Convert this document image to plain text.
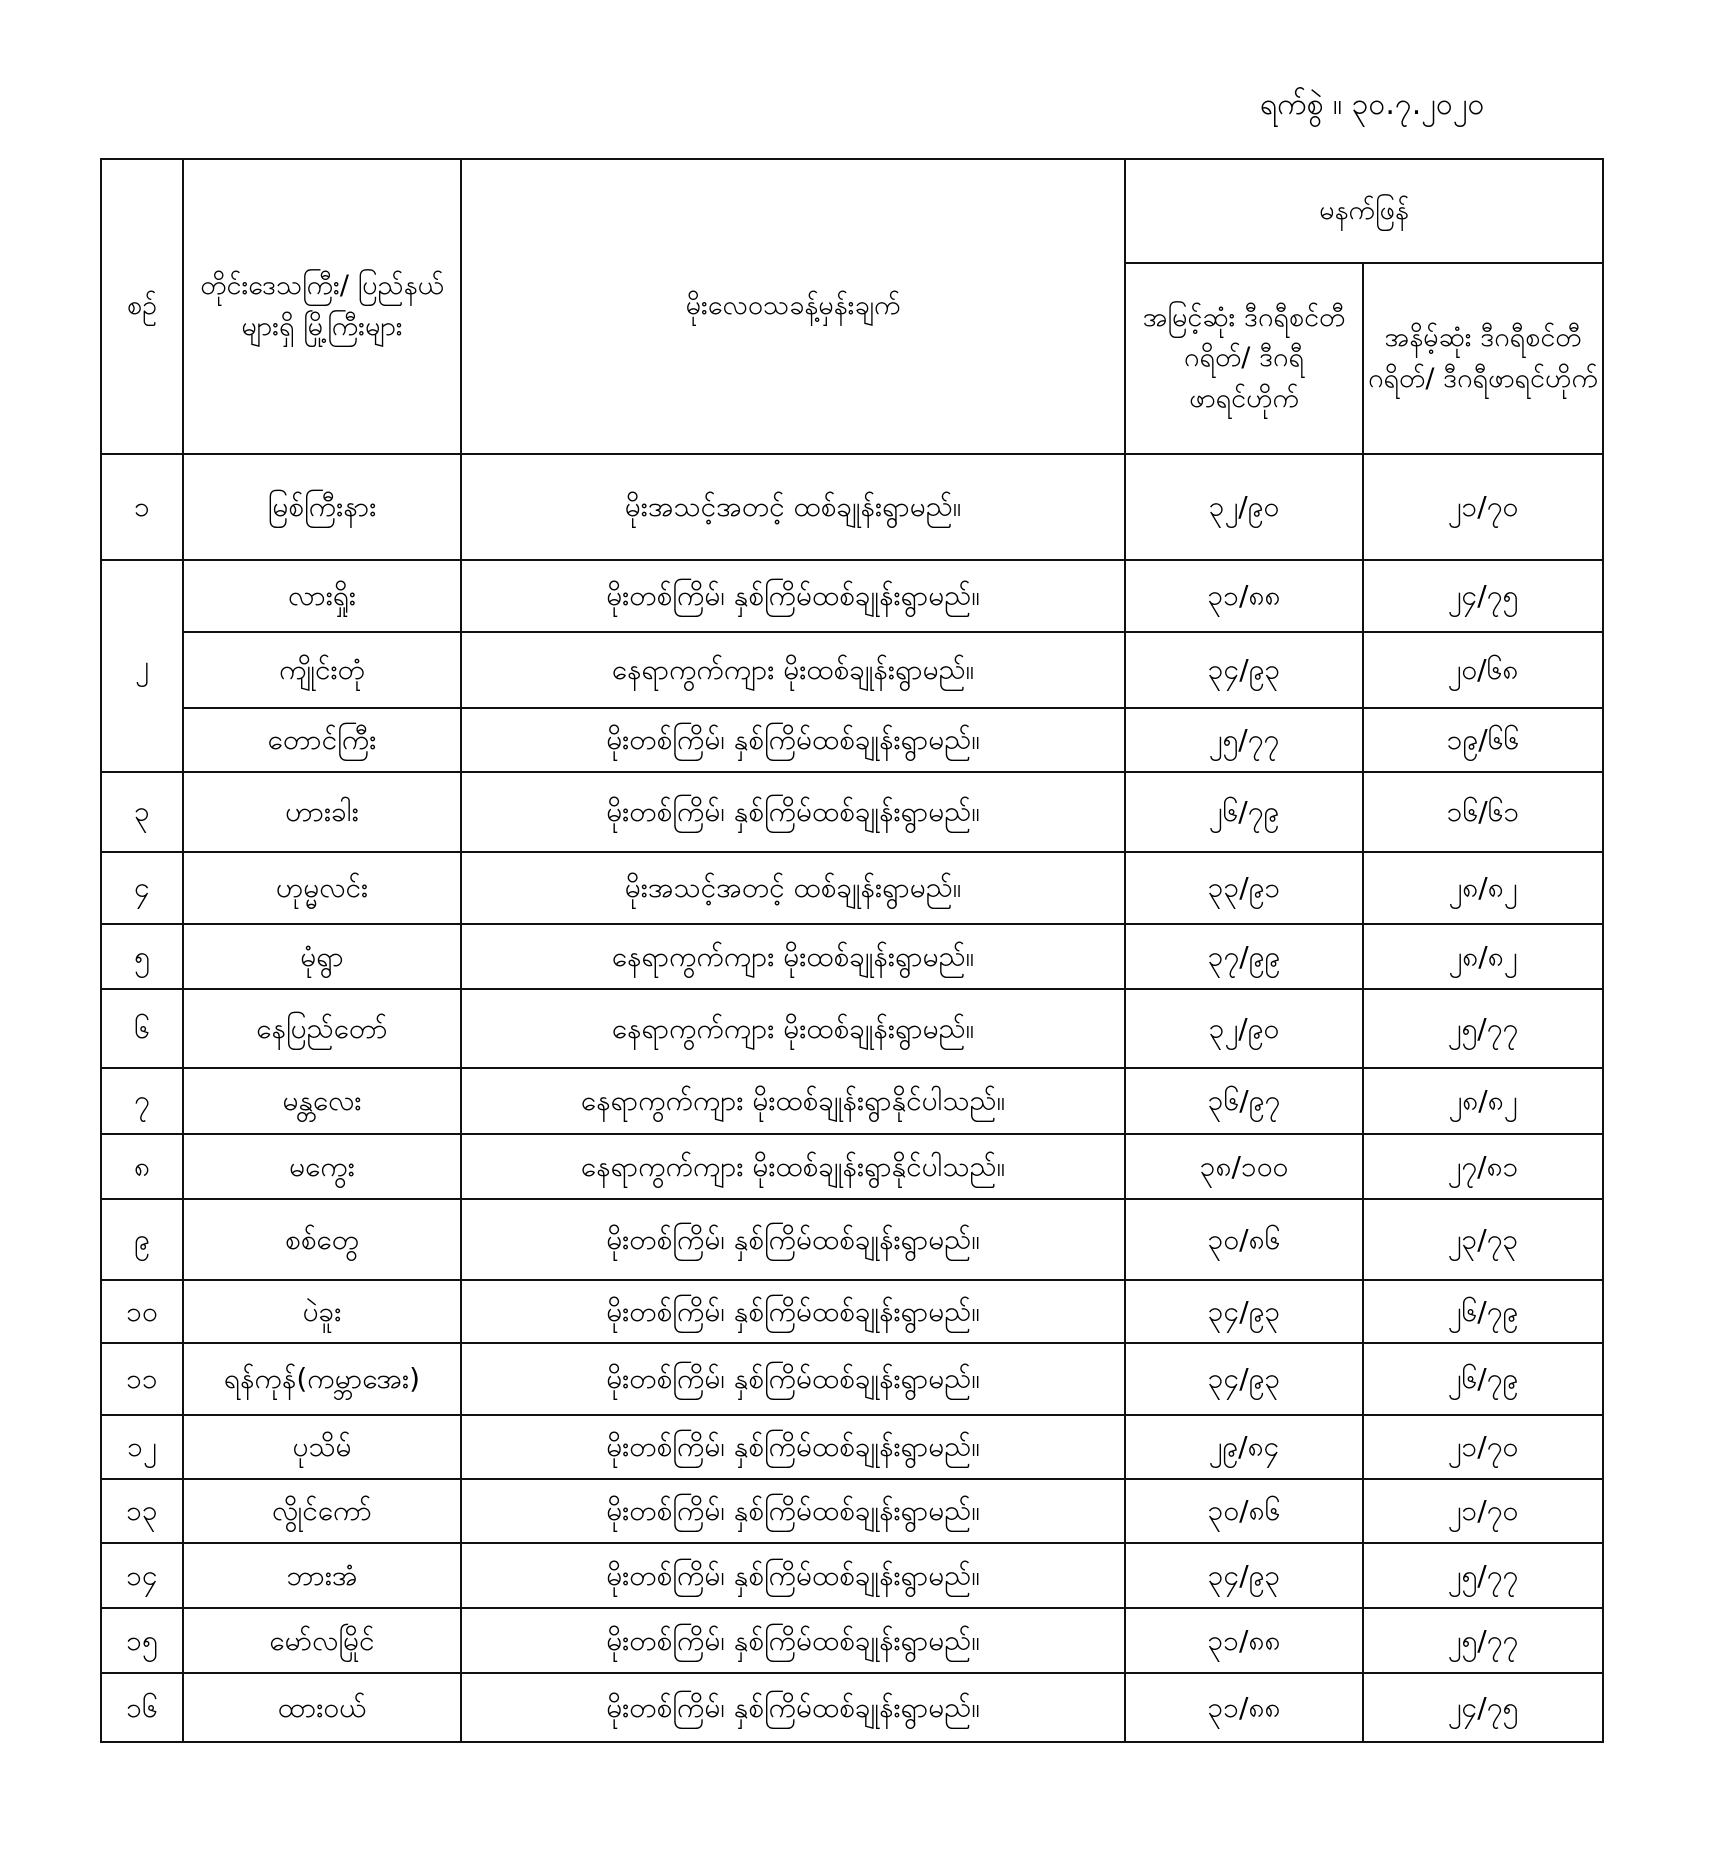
ရက်စွဲ ။ ၃၀.၇.၂၀၂၀
စဉ်	တိုင်းဒေသကြီး/ ပြည်နယ်များရှိ မြို့ကြီးများ	မိုးလေဝသခန့်မှန်းချက်	မနက်ဖြန်	
			အမြင့်ဆုံး ဒီဂရီစင်တီဂရိတ်/ ဒီဂရီဖာရင်ဟိုက်	အနိမ့်ဆုံး ဒီဂရီစင်တီဂရိတ်/ ဒီဂရီဖာရင်ဟိုက်
၁	မြစ်ကြီးနား	မိုးအသင့်အတင့် ထစ်ချုန်းရွာမည်။	၃၂/၉၀	၂၁/၇၀
၂	လားရှိုး	မိုးတစ်ကြိမ်၊ နှစ်ကြိမ်ထစ်ချုန်းရွာမည်။	၃၁/၈၈	၂၄/၇၅
	ကျိုင်းတုံ	နေရာကွက်ကျား မိုးထစ်ချုန်းရွာမည်။	၃၄/၉၃	၂၀/၆၈
	တောင်ကြီး	မိုးတစ်ကြိမ်၊ နှစ်ကြိမ်ထစ်ချုန်းရွာမည်။	၂၅/၇၇	၁၉/၆၆
၃	ဟားခါး	မိုးတစ်ကြိမ်၊ နှစ်ကြိမ်ထစ်ချုန်းရွာမည်။	၂၆/၇၉	၁၆/၆၁
၄	ဟုမ္မလင်း	မိုးအသင့်အတင့် ထစ်ချုန်းရွာမည်။	၃၃/၉၁	၂၈/၈၂
၅	မုံရွာ	နေရာကွက်ကျား မိုးထစ်ချုန်းရွာမည်။	၃၇/၉၉	၂၈/၈၂
၆	နေပြည်တော်	နေရာကွက်ကျား မိုးထစ်ချုန်းရွာမည်။	၃၂/၉၀	၂၅/၇၇
၇	မန္တလေး	နေရာကွက်ကျား မိုးထစ်ချုန်းရွာနိုင်ပါသည်။	၃၆/၉၇	၂၈/၈၂
၈	မကွေး	နေရာကွက်ကျား မိုးထစ်ချုန်းရွာနိုင်ပါသည်။	၃၈/၁၀၀	၂၇/၈၁
၉	စစ်တွေ	မိုးတစ်ကြိမ်၊ နှစ်ကြိမ်ထစ်ချုန်းရွာမည်။	၃၀/၈၆	၂၃/၇၃
၁၀	ပဲခူး	မိုးတစ်ကြိမ်၊ နှစ်ကြိမ်ထစ်ချုန်းရွာမည်။	၃၄/၉၃	၂၆/၇၉
၁၁	ရန်ကုန်(ကမ္ဘာအေး)	မိုးတစ်ကြိမ်၊ နှစ်ကြိမ်ထစ်ချုန်းရွာမည်။	၃၄/၉၃	၂၆/၇၉
၁၂	ပုသိမ်	မိုးတစ်ကြိမ်၊ နှစ်ကြိမ်ထစ်ချုန်းရွာမည်။	၂၉/၈၄	၂၁/၇၀
၁၃	လွိုင်ကော်	မိုးတစ်ကြိမ်၊ နှစ်ကြိမ်ထစ်ချုန်းရွာမည်။	၃၀/၈၆	၂၁/၇၀
၁၄	ဘားအံ	မိုးတစ်ကြိမ်၊ နှစ်ကြိမ်ထစ်ချုန်းရွာမည်။	၃၄/၉၃	၂၅/၇၇
၁၅	မော်လမြိုင်	မိုးတစ်ကြိမ်၊ နှစ်ကြိမ်ထစ်ချုန်းရွာမည်။	၃၁/၈၈	၂၅/၇၇
၁၆	ထားဝယ်	မိုးတစ်ကြိမ်၊ နှစ်ကြိမ်ထစ်ချုန်းရွာမည်။	၃၁/၈၈	၂၄/၇၅
